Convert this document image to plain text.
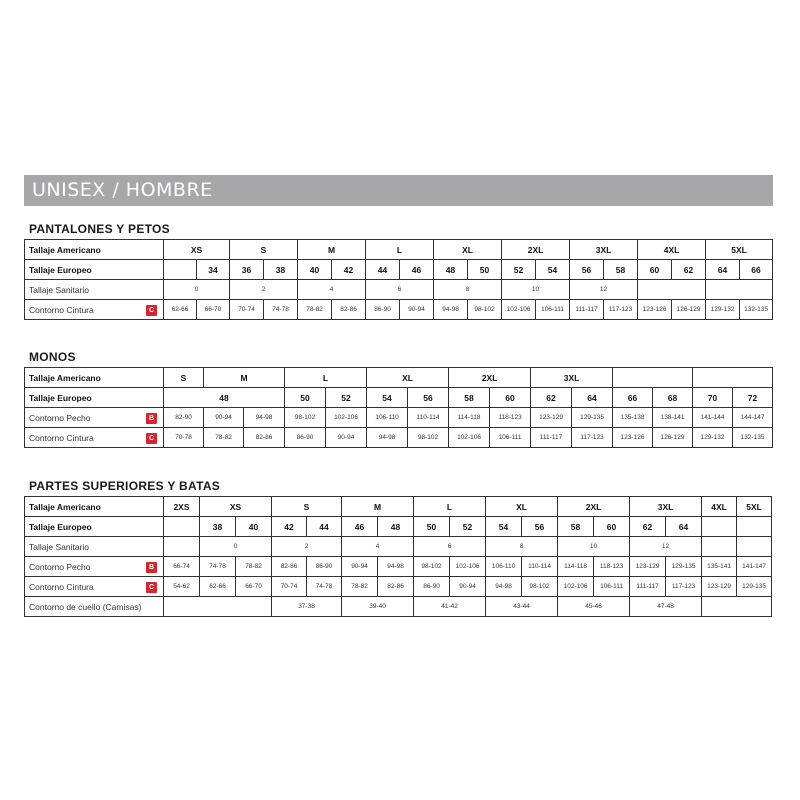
UNISEX / HOMBRE
PANTALONES Y PETOS
Tallaje Americano	XS		S		M		L		XL		2XL		3XL		4XL		5XL	
Tallaje Europeo		34	36	38	40	42	44	46	48	50	52	54	56	58	60	62	64	66
Tallaje Sanitario	0		2		4		6		8		10		12					

Contorno Cintura C	62-66	66-70	70-74	74-78	78-82	82-86	86-90	90-94	94-98	98-102	102-106	106-111	111-117	117-123	123-126	126-129	129-132	132-135
MONOS
Tallaje Americano	S	M		L		XL		2XL		3XL					
Tallaje Europeo	48			50	52	54	56	58	60	62	64	66	68	70	72

Contorno Pecho B	82-90	90-94	94-98	98-102	102-106	106-110	110-114	114-118	118-123	123-129	129-135	135-138	138-141	141-144	144-147

Contorno Cintura C	70-78	78-82	82-86	86-90	90-94	94-98	98-102	102-106	106-111	111-117	117-123	123-126	126-129	129-132	132-135
PARTES SUPERIORES Y BATAS
Tallaje Americano	2XS	XS		S		M		L		XL		2XL		3XL		4XL	5XL
Tallaje Europeo		38	40	42	44	46	48	50	52	54	56	58	60	62	64		
Tallaje Sanitario		0		2		4		6		8		10		12			

Contorno Pecho B	66-74	74-78	78-82	82-86	86-90	90-94	94-98	98-102	102-106	106-110	110-114	114-118	118-123	123-129	129-135	135-141	141-147

Contorno Cintura C	54-62	62-66	66-70	70-74	74-78	78-82	82-86	86-90	90-94	94-98	98-102	102-106	106-111	111-117	117-123	123-129	129-135
Contorno de cuello (Camisas)				37-38		39-40		41-42		43-44		45-46		47-48			
